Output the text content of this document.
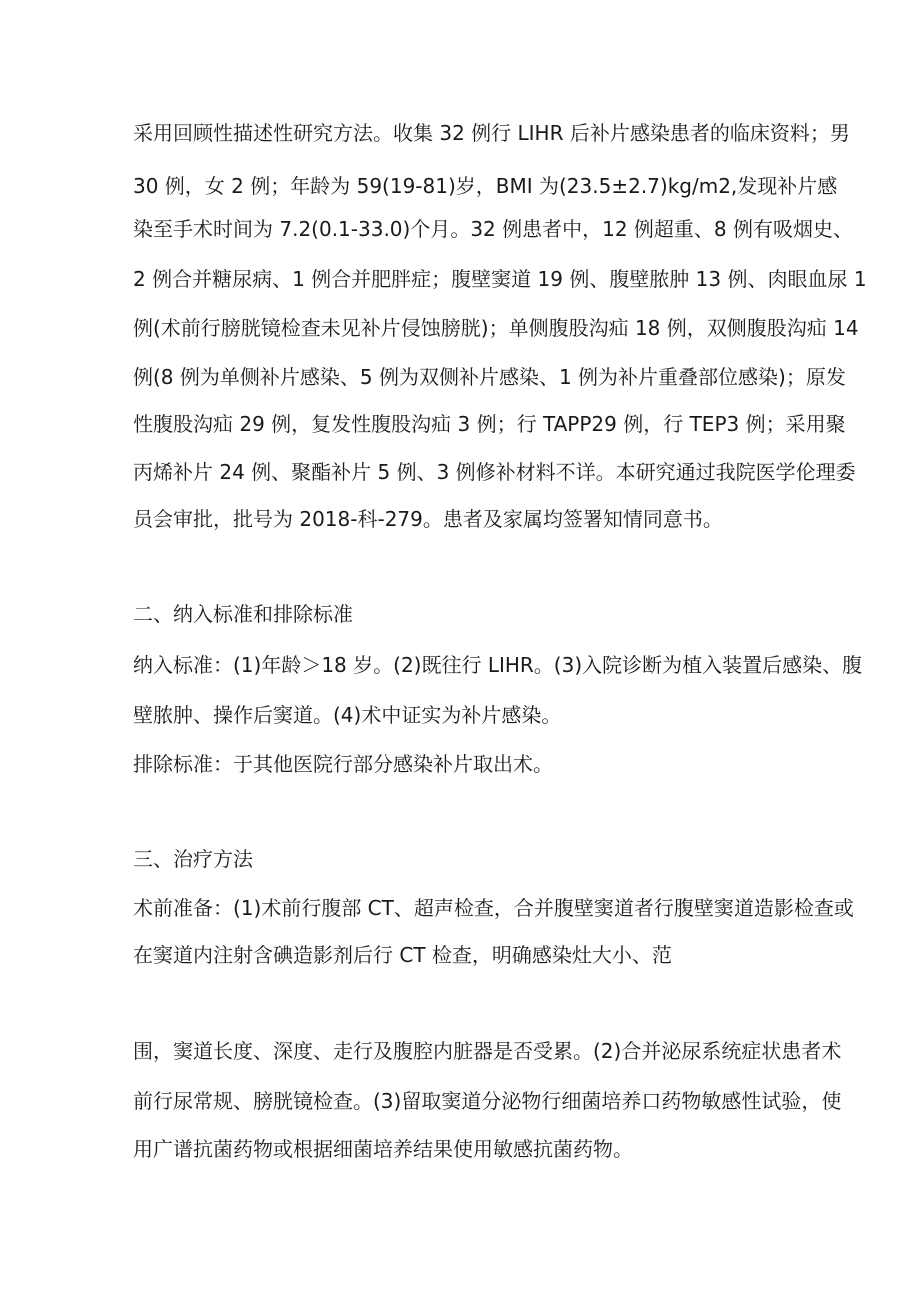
采用回顾性描述性研究方法。收集 32 例行 LIHR 后补片感染患者的临床资料；男
30 例，女 2 例；年龄为 59(19-81)岁，BMI 为(23.5±2.7)kg/m2,发现补片感
染至手术时间为 7.2(0.1-33.0)个月。32 例患者中，12 例超重、8 例有吸烟史、
2 例合并糖尿病、1 例合并肥胖症；腹壁窦道 19 例、腹壁脓肿 13 例、肉眼血尿 1
例(术前行膀胱镜检查未见补片侵蚀膀胱)；单侧腹股沟疝 18 例，双侧腹股沟疝 14
例(8 例为单侧补片感染、5 例为双侧补片感染、1 例为补片重叠部位感染)；原发
性腹股沟疝 29 例，复发性腹股沟疝 3 例；行 TAPP29 例，行 TEP3 例；采用聚
丙烯补片 24 例、聚酯补片 5 例、3 例修补材料不详。本研究通过我院医学伦理委
员会审批，批号为 2018-科-279。患者及家属均签署知情同意书。
二、纳入标准和排除标准
纳入标准：(1)年龄＞18 岁。(2)既往行 LIHR。(3)入院诊断为植入装置后感染、腹
壁脓肿、操作后窦道。(4)术中证实为补片感染。
排除标准：于其他医院行部分感染补片取出术。
三、治疗方法
术前准备：(1)术前行腹部 CT、超声检查，合并腹壁窦道者行腹壁窦道造影检查或
在窦道内注射含碘造影剂后行 CT 检查，明确感染灶大小、范
围，窦道长度、深度、走行及腹腔内脏器是否受累。(2)合并泌尿系统症状患者术
前行尿常规、膀胱镜检查。(3)留取窦道分泌物行细菌培养口药物敏感性试验，使
用广谱抗菌药物或根据细菌培养结果使用敏感抗菌药物。
